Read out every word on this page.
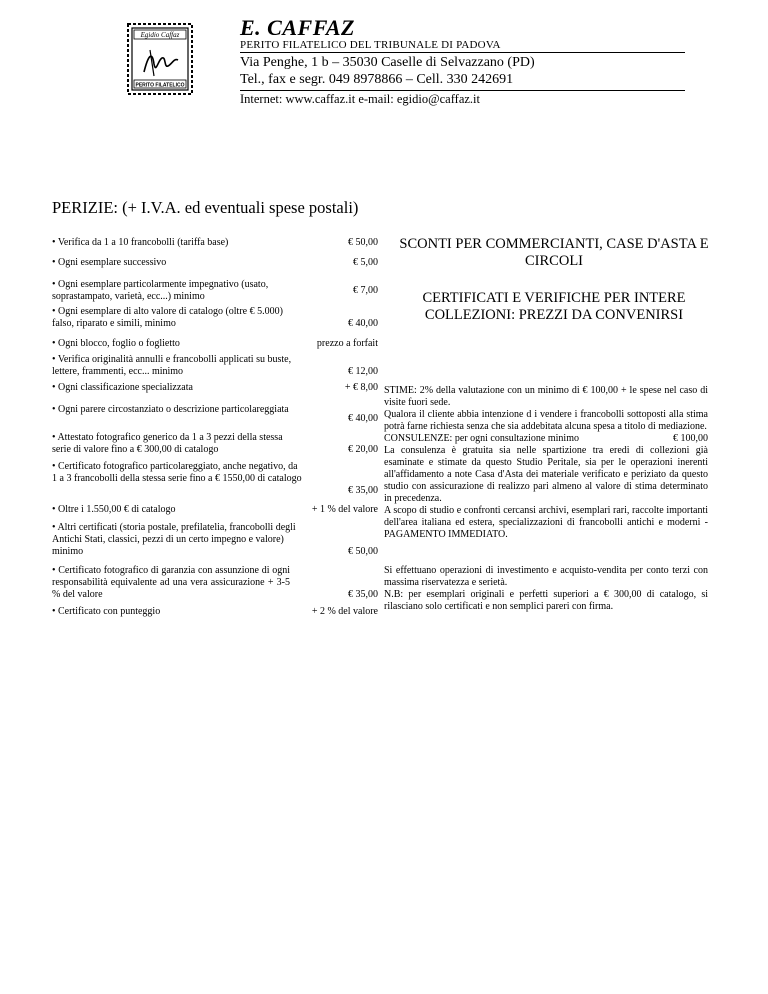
Egidio Caffaz
PERITO FILATELICO
E. CAFFAZ
PERITO FILATELICO DEL TRIBUNALE DI PADOVA
Via Penghe, 1 b – 35030 Caselle di Selvazzano (PD)
Tel., fax e segr. 049 8978866 – Cell. 330 242691
Internet: www.caffaz.it e-mail: egidio@caffaz.it
PERIZIE: (+ I.V.A. ed eventuali spese postali)
• Verifica da 1 a 10 francobolli (tariffa base)	€ 50,00
• Ogni esemplare successivo	€ 5,00
• Ogni esemplare particolarmente impegnativo (usato, soprastampato, varietà, ecc...) minimo
€ 7,00
• Ogni esemplare di alto valore di catalogo (oltre € 5.000) falso, riparato e simili, minimo	€ 40,00
• Ogni blocco, foglio o foglietto	prezzo a forfait
• Verifica originalità annulli e francobolli applicati su buste, lettere, frammenti, ecc... minimo	€ 12,00
• Ogni classificazione specializzata	+ € 8,00
• Ogni parere circostanziato o descrizione particolareggiata
€ 40,00
• Attestato fotografico generico da 1 a 3 pezzi della stessa serie di valore fino a € 300,00 di catalogo	€ 20,00
• Certificato fotografico particolareggiato, anche negativo, da 1 a 3 francobolli della stessa serie fino a € 1550,00 di catalogo
€ 35,00
• Oltre i 1.550,00 € di catalogo	+ 1 % del valore
• Altri certificati (storia postale, prefilatelia, francobolli degli Antichi Stati, classici, pezzi di un certo impegno e valore) minimo	€ 50,00
• Certificato fotografico di garanzia con assunzione di ogni responsabilità equivalente ad una vera assicurazione + 3-5 % del valore	€ 35,00
• Certificato con punteggio	+ 2 % del valore
SCONTI PER COMMERCIANTI, CASE D'ASTA E CIRCOLI
CERTIFICATI E VERIFICHE PER INTERE COLLEZIONI: PREZZI DA CONVENIRSI

STIME: 2% della valutazione con un minimo di € 100,00 + le spese nel caso di visite fuori sede.

Qualora il cliente abbia intenzione d i vendere i francobolli sottoposti alla stima potrà farne richiesta senza che sia addebitata alcuna spesa a titolo di mediazione.

CONSULENZE: per ogni consultazione minimo	€ 100,00

La consulenza è gratuita sia nelle spartizione tra eredi di collezioni già esaminate e stimate da questo Studio Peritale, sia per le operazioni inerenti all'affidamento a note Casa d'Asta dei materiale verificato e periziato da questo studio con assicurazione di realizzo pari almeno al valore di stima determinato in precedenza.

A scopo di studio e confronti cercansi archivi, esemplari rari, raccolte importanti dell'area italiana ed estera, specializzazioni di francobolli antichi e moderni - PAGAMENTO IMMEDIATO.

Si effettuano operazioni di investimento e acquisto-vendita per conto terzi con massima riservatezza e serietà.

N.B: per esemplari originali e perfetti superiori a € 300,00 di catalogo, si rilasciano solo certificati e non semplici pareri con firma.
